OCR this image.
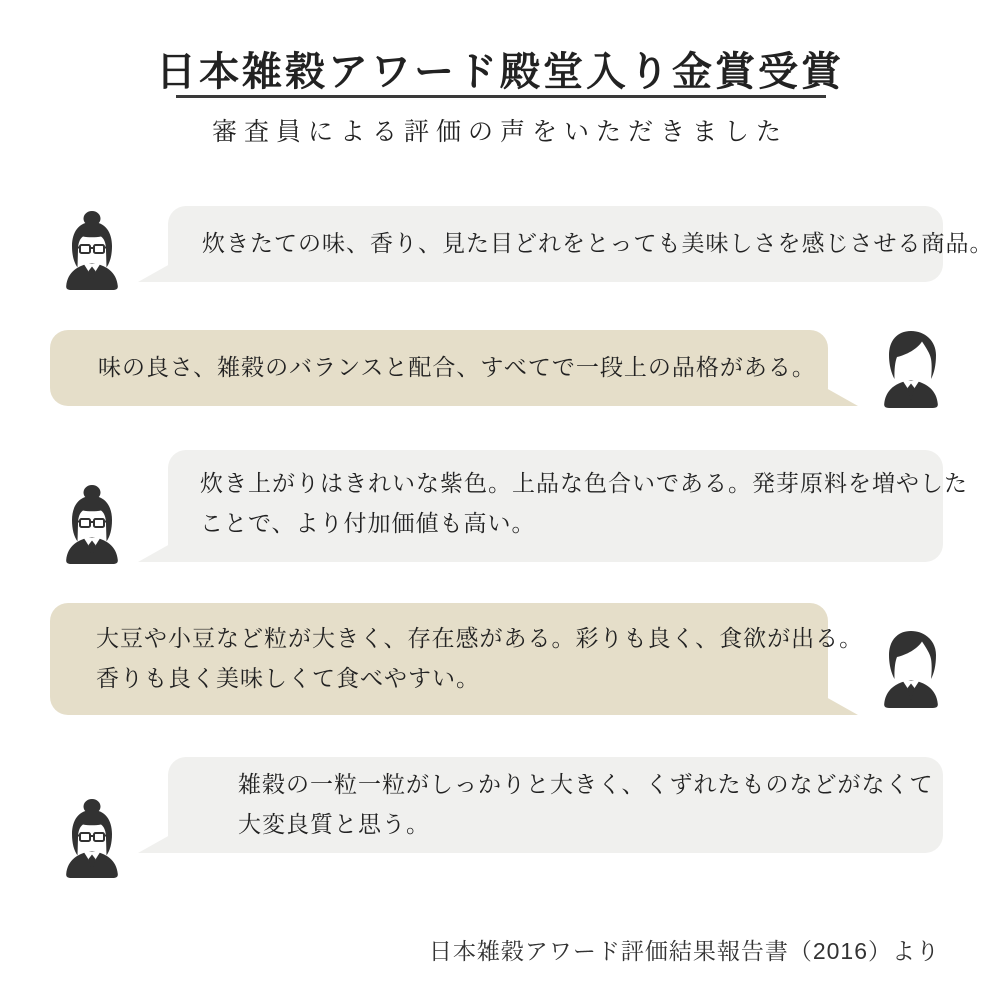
日本雑穀アワード殿堂入り金賞受賞
審査員による評価の声をいただきました
炊きたての味、香り、見た目どれをとっても美味しさを感じさせる商品。
味の良さ、雑穀のバランスと配合、すべてで一段上の品格がある。
炊き上がりはきれいな紫色。上品な色合いである。発芽原料を増やした
ことで、より付加価値も高い。
大豆や小豆など粒が大きく、存在感がある。彩りも良く、食欲が出る。
香りも良く美味しくて食べやすい。
雑穀の一粒一粒がしっかりと大きく、くずれたものなどがなくて
大変良質と思う。
日本雑穀アワード評価結果報告書（2016）より
